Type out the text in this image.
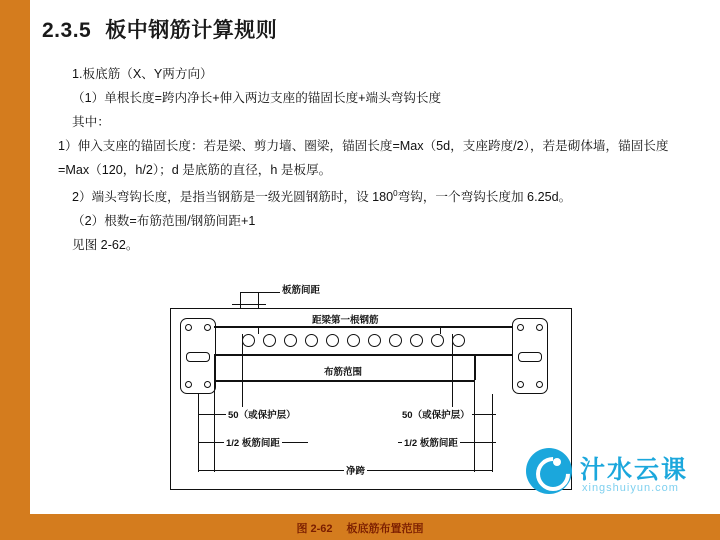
2.3.5 板中钢筋计算规则

1.板底筋（X、Y两方向）

（1）单根长度=跨内净长+伸入两边支座的锚固长度+端头弯钩长度

其中：

1）伸入支座的锚固长度：若是梁、剪力墙、圈梁，锚固长度=Max（5d，支座跨度/2），若是砌体墙，锚固长度=Max（120，h/2）；d 是底筋的直径，h 是板厚。

2）端头弯钩长度，是指当钢筋是一级光圆钢筋时，设 $180^0$弯钩，一个弯钩长度加 6.25d。

（2）根数=布筋范围/钢筋间距+1

见图 2-62。

板筋间距
距梁第一根钢筋
布筋范围
50（或保护层）	50（或保护层）
1/2 板筋间距	1/2 板筋间距
净跨
图 2-62 板底筋布置范围
汁水云课
xingshuiyun.com
